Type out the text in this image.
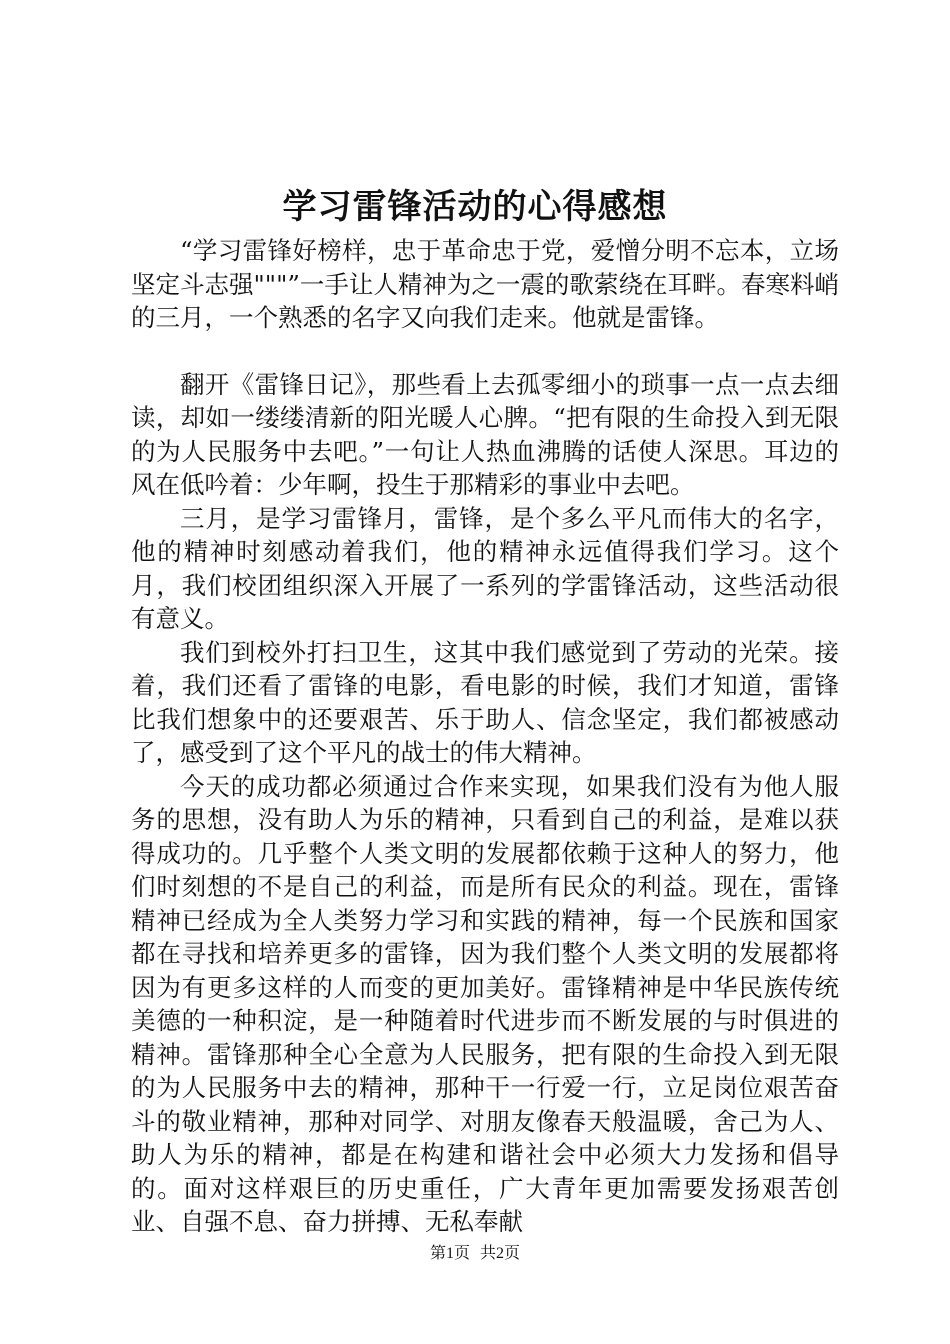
学习雷锋活动的心得感想

“学习雷锋好榜样，忠于革命忠于党，爱憎分明不忘本，立场坚定斗志强"""”一手让人精神为之一震的歌萦绕在耳畔。春寒料峭的三月，一个熟悉的名字又向我们走来。他就是雷锋。

翻开《雷锋日记》，那些看上去孤零细小的琐事一点一点去细读，却如一缕缕清新的阳光暖人心脾。“把有限的生命投入到无限的为人民服务中去吧。”一句让人热血沸腾的话使人深思。耳边的风在低吟着：少年啊，投生于那精彩的事业中去吧。

三月，是学习雷锋月，雷锋，是个多么平凡而伟大的名字，他的精神时刻感动着我们，他的精神永远值得我们学习。这个月，我们校团组织深入开展了一系列的学雷锋活动，这些活动很有意义。

我们到校外打扫卫生，这其中我们感觉到了劳动的光荣。接着，我们还看了雷锋的电影，看电影的时候，我们才知道，雷锋比我们想象中的还要艰苦、乐于助人、信念坚定，我们都被感动了，感受到了这个平凡的战士的伟大精神。

今天的成功都必须通过合作来实现，如果我们没有为他人服务的思想，没有助人为乐的精神，只看到自己的利益，是难以获得成功的。几乎整个人类文明的发展都依赖于这种人的努力，他们时刻想的不是自己的利益，而是所有民众的利益。现在，雷锋精神已经成为全人类努力学习和实践的精神，每一个民族和国家都在寻找和培养更多的雷锋，因为我们整个人类文明的发展都将因为有更多这样的人而变的更加美好。雷锋精神是中华民族传统美德的一种积淀，是一种随着时代进步而不断发展的与时俱进的精神。雷锋那种全心全意为人民服务，把有限的生命投入到无限的为人民服务中去的精神，那种干一行爱一行，立足岗位艰苦奋斗的敬业精神，那种对同学、对朋友像春天般温暖，舍己为人、助人为乐的精神，都是在构建和谐社会中必须大力发扬和倡导的。面对这样艰巨的历史重任，广大青年更加需要发扬艰苦创业、自强不息、奋力拼搏、无私奉献

第1页 共2页
